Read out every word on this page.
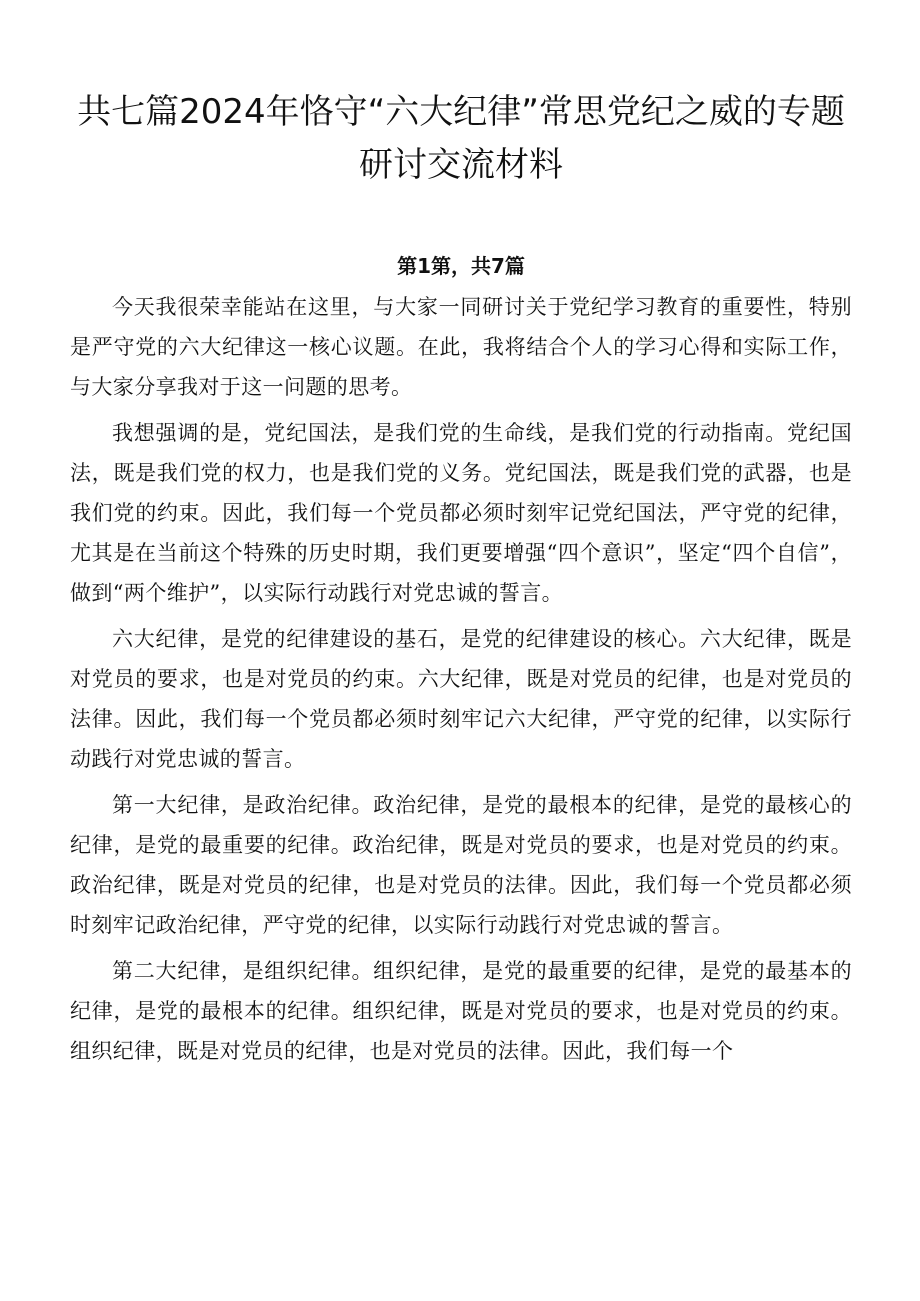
共七篇2024年恪守“六大纪律”常思党纪之威的专题研讨交流材料
第1第，共7篇

今天我很荣幸能站在这里，与大家一同研讨关于党纪学习教育的重要性，特别是严守党的六大纪律这一核心议题。在此，我将结合个人的学习心得和实际工作，与大家分享我对于这一问题的思考。

我想强调的是，党纪国法，是我们党的生命线，是我们党的行动指南。党纪国法，既是我们党的权力，也是我们党的义务。党纪国法，既是我们党的武器，也是我们党的约束。因此，我们每一个党员都必须时刻牢记党纪国法，严守党的纪律，尤其是在当前这个特殊的历史时期，我们更要增强“四个意识”，坚定“四个自信”，做到“两个维护”，以实际行动践行对党忠诚的誓言。

六大纪律，是党的纪律建设的基石，是党的纪律建设的核心。六大纪律，既是对党员的要求，也是对党员的约束。六大纪律，既是对党员的纪律，也是对党员的法律。因此，我们每一个党员都必须时刻牢记六大纪律，严守党的纪律，以实际行动践行对党忠诚的誓言。

第一大纪律，是政治纪律。政治纪律，是党的最根本的纪律，是党的最核心的纪律，是党的最重要的纪律。政治纪律，既是对党员的要求，也是对党员的约束。政治纪律，既是对党员的纪律，也是对党员的法律。因此，我们每一个党员都必须时刻牢记政治纪律，严守党的纪律，以实际行动践行对党忠诚的誓言。

第二大纪律，是组织纪律。组织纪律，是党的最重要的纪律，是党的最基本的纪律，是党的最根本的纪律。组织纪律，既是对党员的要求，也是对党员的约束。组织纪律，既是对党员的纪律，也是对党员的法律。因此，我们每一个
